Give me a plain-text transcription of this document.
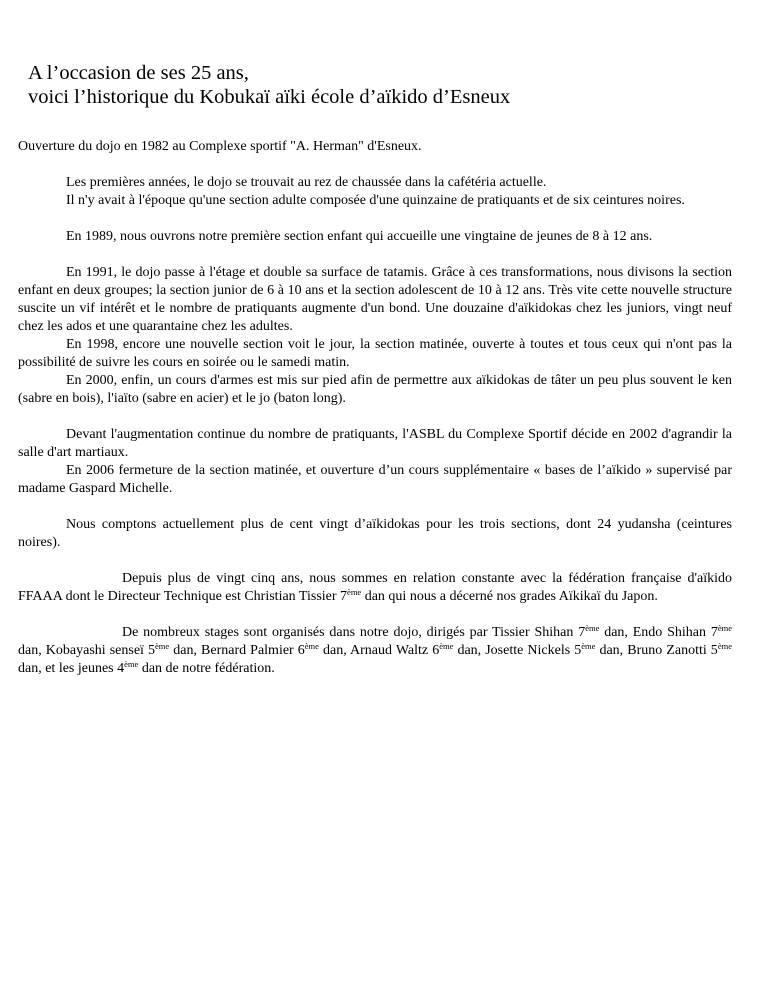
A l’occasion de ses 25 ans,
voici l’historique du Kobukaï aïki école d’aïkido d’Esneux

Ouverture du dojo en 1982 au Complexe sportif "A. Herman" d'Esneux.

Les premières années, le dojo se trouvait au rez de chaussée dans la cafétéria actuelle.

Il n'y avait à l'époque qu'une section adulte composée d'une quinzaine de pratiquants et de six ceintures noires.

En 1989, nous ouvrons notre première section enfant qui accueille une vingtaine de jeunes de 8 à 12 ans.

En 1991, le dojo passe à l'étage et double sa surface de tatamis. Grâce à ces transformations, nous divisons la section enfant en deux groupes; la section junior de 6 à 10 ans et la section adolescent de 10 à 12 ans. Très vite cette nouvelle structure suscite un vif intérêt et le nombre de pratiquants augmente d'un bond. Une douzaine d'aïkidokas chez les juniors, vingt neuf chez les ados et une quarantaine chez les adultes.

En 1998, encore une nouvelle section voit le jour, la section matinée, ouverte à toutes et tous ceux qui n'ont pas la possibilité de suivre les cours en soirée ou le samedi matin.

En 2000, enfin, un cours d'armes est mis sur pied afin de permettre aux aïkidokas de tâter un peu plus souvent le ken (sabre en bois), l'iaïto (sabre en acier) et le jo (baton long).

Devant l'augmentation continue du nombre de pratiquants, l'ASBL du Complexe Sportif décide en 2002 d'agrandir la salle d'art martiaux.

En 2006 fermeture de la section matinée, et ouverture d’un cours supplémentaire « bases de l’aïkido » supervisé par madame Gaspard Michelle.

Nous comptons actuellement plus de cent vingt d’aïkidokas pour les trois sections, dont 24 yudansha (ceintures noires).

Depuis plus de vingt cinq ans, nous sommes en relation constante avec la fédération française d'aïkido FFAAA dont le Directeur Technique est Christian Tissier 7ème dan qui nous a décerné nos grades Aïkikaï du Japon.

De nombreux stages sont organisés dans notre dojo, dirigés par Tissier Shihan 7ème dan, Endo Shihan 7ème dan, Kobayashi senseï 5ème dan, Bernard Palmier 6ème dan, Arnaud Waltz 6ème dan, Josette Nickels 5ème dan, Bruno Zanotti 5ème dan, et les jeunes 4ème dan de notre fédération.
